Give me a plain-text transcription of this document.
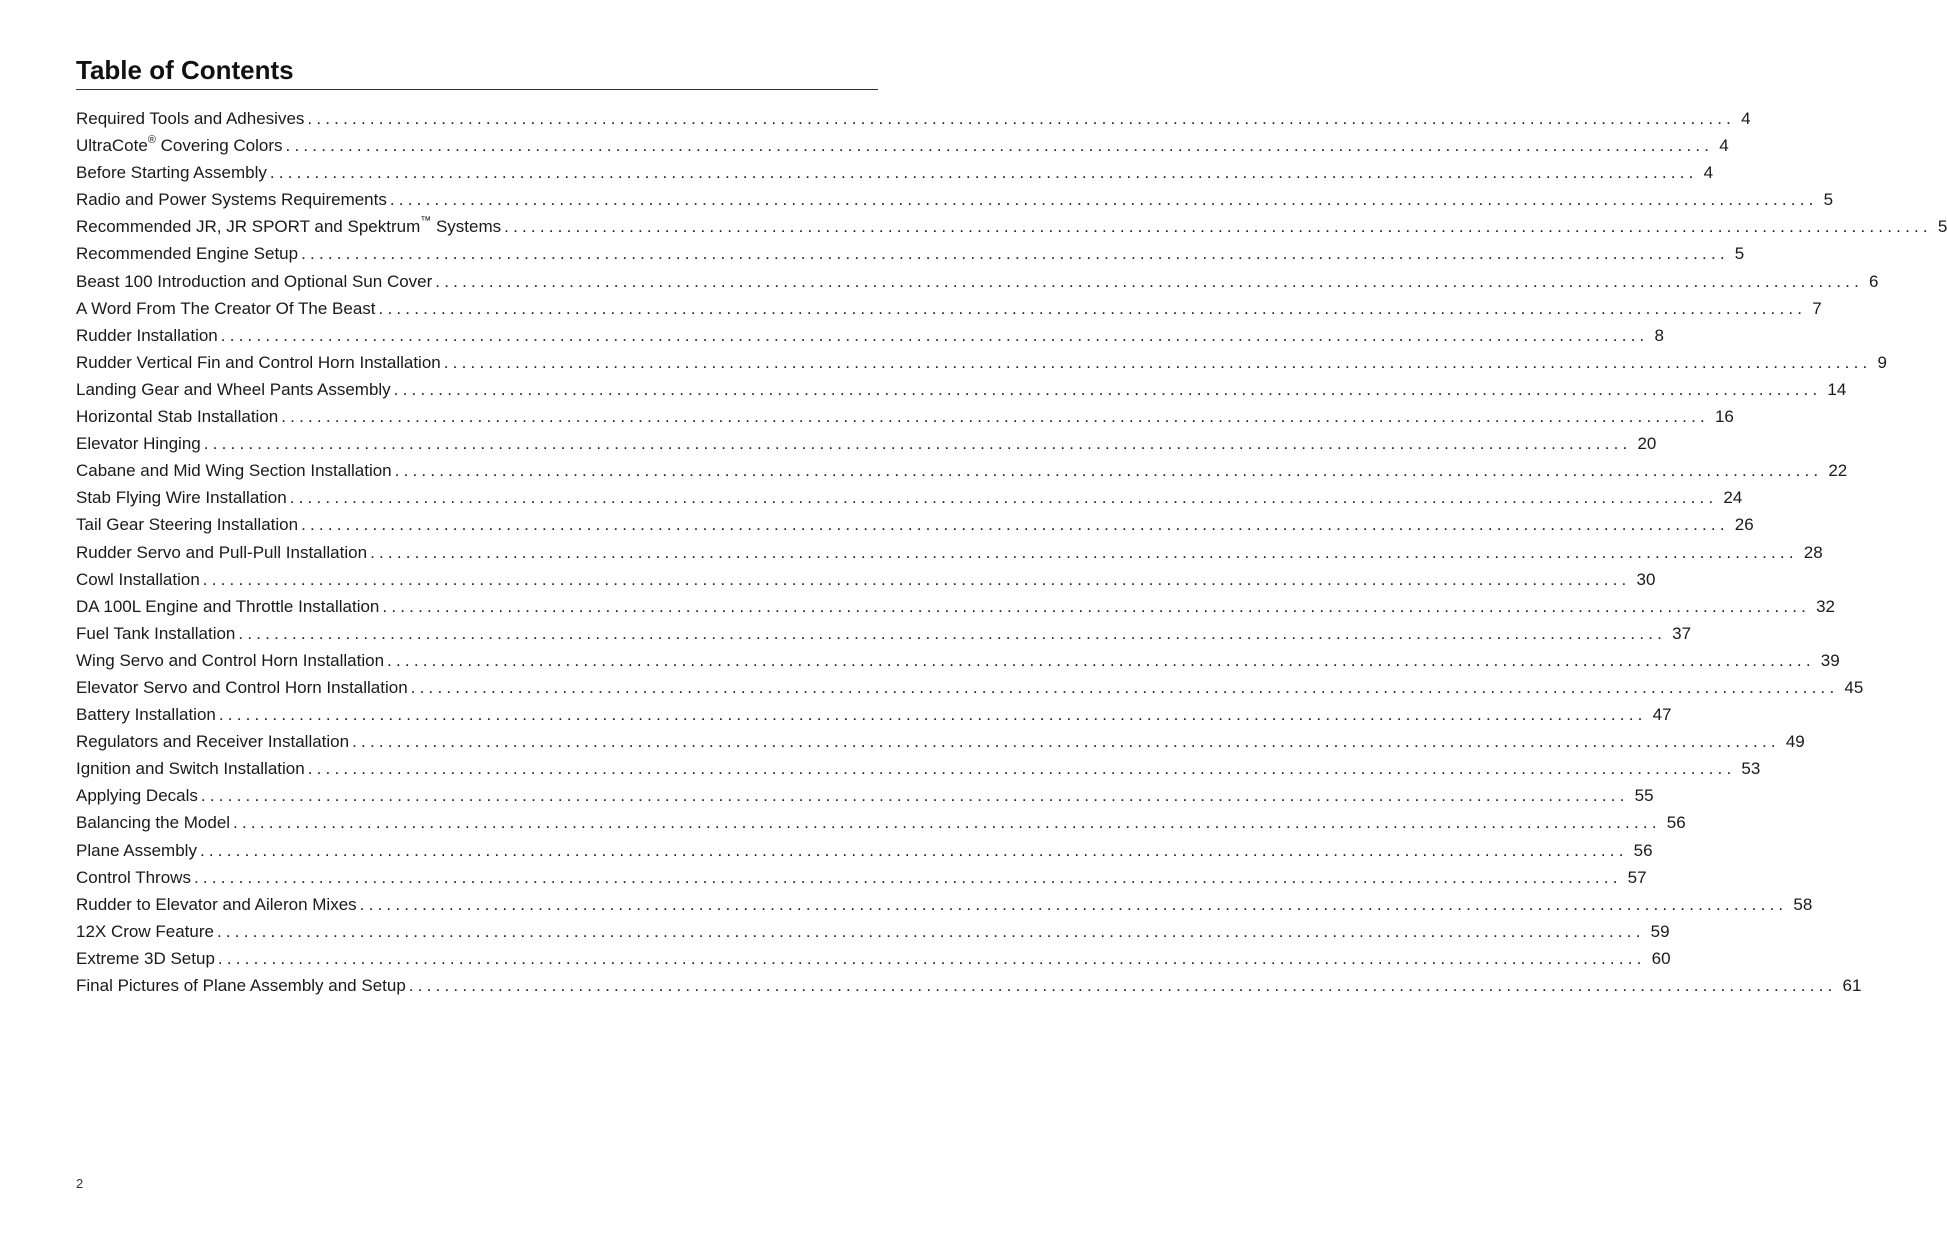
Table of Contents
Required Tools and Adhesives ................................................................................................................................................................ 4
UltraCote® Covering Colors ................................................................................................................................................................ 4
Before Starting Assembly ................................................................................................................................................................ 4
Radio and Power Systems Requirements ................................................................................................................................................................ 5
Recommended JR, JR SPORT and Spektrum™ Systems ................................................................................................................................................................ 5
Recommended Engine Setup ................................................................................................................................................................ 5
Beast 100 Introduction and Optional Sun Cover ................................................................................................................................................................ 6
A Word From The Creator Of The Beast ................................................................................................................................................................ 7
Rudder Installation ................................................................................................................................................................ 8
Rudder Vertical Fin and Control Horn Installation ................................................................................................................................................................ 9
Landing Gear and Wheel Pants Assembly ................................................................................................................................................................ 14
Horizontal Stab Installation ................................................................................................................................................................ 16
Elevator Hinging ................................................................................................................................................................ 20
Cabane and Mid Wing Section Installation ................................................................................................................................................................ 22
Stab Flying Wire Installation ................................................................................................................................................................ 24
Tail Gear Steering Installation ................................................................................................................................................................ 26
Rudder Servo and Pull-Pull Installation ................................................................................................................................................................ 28
Cowl Installation ................................................................................................................................................................ 30
DA 100L Engine and Throttle Installation ................................................................................................................................................................ 32
Fuel Tank Installation ................................................................................................................................................................ 37
Wing Servo and Control Horn Installation ................................................................................................................................................................ 39
Elevator Servo and Control Horn Installation ................................................................................................................................................................ 45
Battery Installation ................................................................................................................................................................ 47
Regulators and Receiver Installation ................................................................................................................................................................ 49
Ignition and Switch Installation ................................................................................................................................................................ 53
Applying Decals ................................................................................................................................................................ 55
Balancing the Model ................................................................................................................................................................ 56
Plane Assembly ................................................................................................................................................................ 56
Control Throws ................................................................................................................................................................ 57
Rudder to Elevator and Aileron Mixes ................................................................................................................................................................ 58
12X Crow Feature ................................................................................................................................................................ 59
Extreme 3D Setup ................................................................................................................................................................ 60
Final Pictures of Plane Assembly and Setup ................................................................................................................................................................ 61
2
